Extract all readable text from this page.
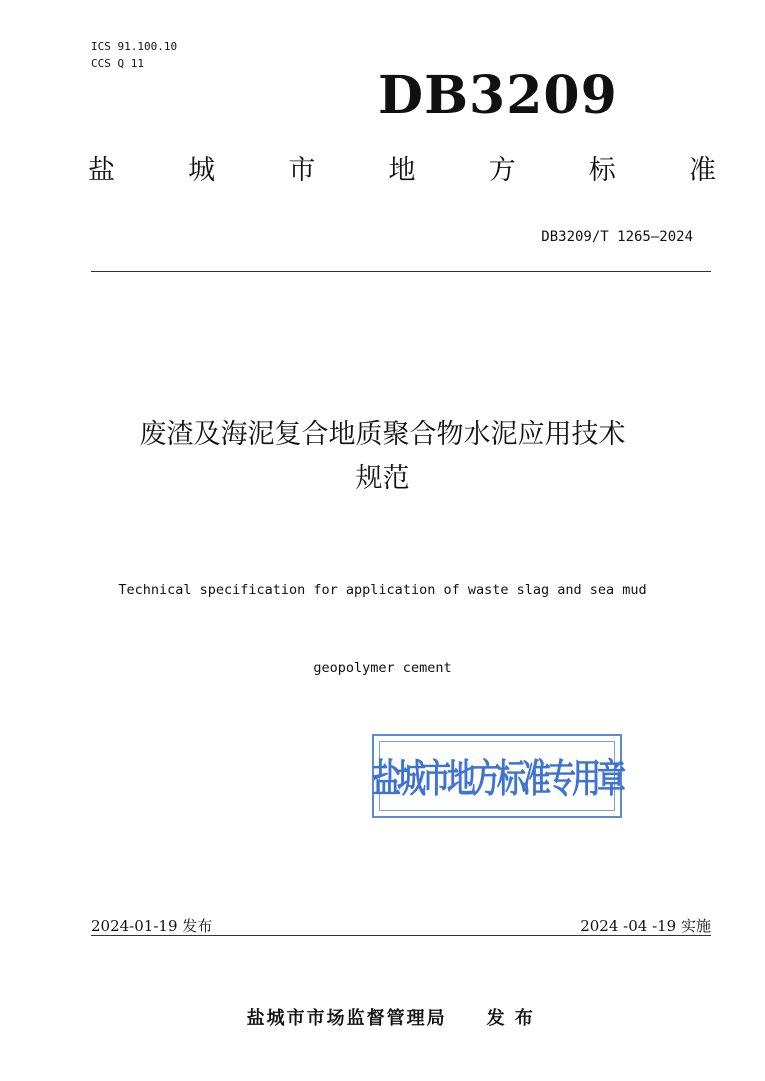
ICS 91.100.10
CCS Q 11
DB3209
盐	城	市	地	方	标	准
DB3209/T 1265—2024
废渣及海泥复合地质聚合物水泥应用技术
规范

Technical specification for application of waste slag and sea mud

geopolymer cement

盐城市地方标准专用章
2024-01-19 发布	2024 -04 -19 实施

盐城市市场监督管理局 发 布
